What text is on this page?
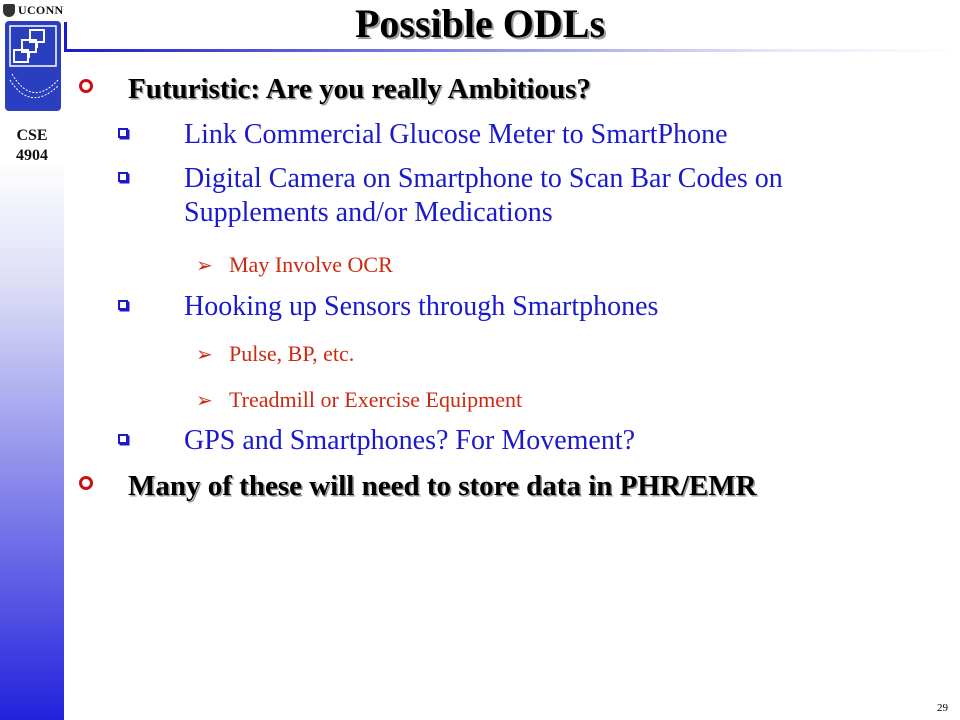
UCONN
CSE
4904
Possible ODLs
Futuristic: Are you really Ambitious?
Link Commercial Glucose Meter to SmartPhone
Digital Camera on Smartphone to Scan Bar Codes on Supplements and/or Medications
➢ May Involve OCR
Hooking up Sensors through Smartphones
➢ Pulse, BP, etc.
➢ Treadmill or Exercise Equipment
GPS and Smartphones? For Movement?
Many of these will need to store data in PHR/EMR
29
